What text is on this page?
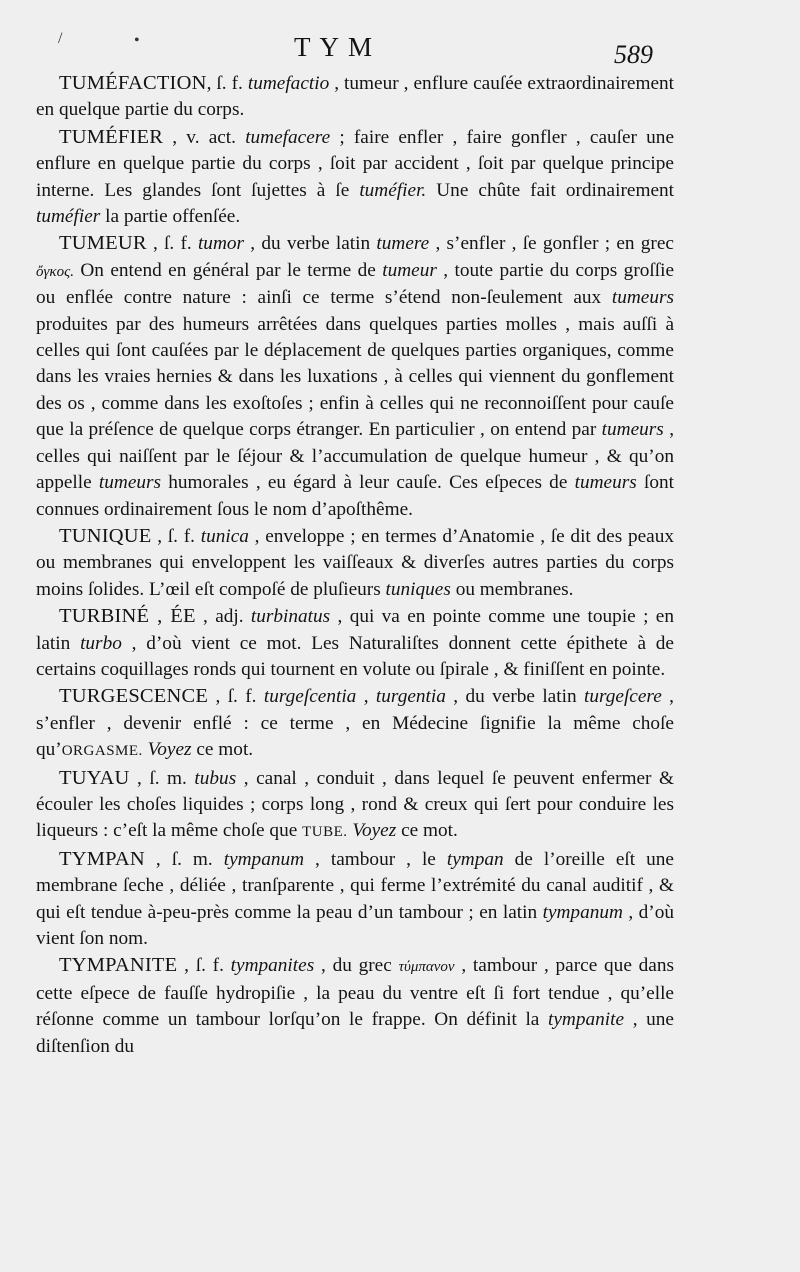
/	•	TYM	589

TUMÉFACTION, ſ. f. tumefactio , tumeur , enflure cauſée extraordinairement en quelque partie du corps.

TUMÉFIER , v. act. tumefacere ; faire enfler , faire gonfler , cauſer une enflure en quelque partie du corps , ſoit par accident , ſoit par quelque principe interne. Les glandes ſont ſujettes à ſe tuméfier. Une chûte fait ordinairement tuméfier la partie offenſée.

TUMEUR , ſ. f. tumor , du verbe latin tumere , s’enfler , ſe gonfler ; en grec ὄγκος. On entend en général par le terme de tumeur , toute partie du corps groſſie ou enflée contre nature : ainſi ce terme s’étend non-ſeulement aux tumeurs produites par des humeurs arrêtées dans quelques parties molles , mais auſſi à celles qui ſont cauſées par le déplacement de quelques parties organiques, comme dans les vraies hernies & dans les luxations , à celles qui viennent du gonflement des os , comme dans les exoſtoſes ; enfin à celles qui ne reconnoiſſent pour cauſe que la préſence de quelque corps étranger. En particulier , on entend par tumeurs , celles qui naiſſent par le ſéjour & l’accumulation de quelque humeur , & qu’on appelle tumeurs humorales , eu égard à leur cauſe. Ces eſpeces de tumeurs ſont connues ordinairement ſous le nom d’apoſthême.

TUNIQUE , ſ. f. tunica , enveloppe ; en termes d’Anatomie , ſe dit des peaux ou membranes qui enveloppent les vaiſſeaux & diverſes autres parties du corps moins ſolides. L’œil eſt compoſé de pluſieurs tuniques ou membranes.

TURBINÉ , ÉE , adj. turbinatus , qui va en pointe comme une toupie ; en latin turbo , d’où vient ce mot. Les Naturaliſtes donnent cette épithete à de certains coquillages ronds qui tournent en volute ou ſpirale , & finiſſent en pointe.

TURGESCENCE , ſ. f. turgeſcentia , turgentia , du verbe latin turgeſcere , s’enfler , devenir enflé : ce terme , en Médecine ſignifie la même choſe qu’ORGASME. Voyez ce mot.

TUYAU , ſ. m. tubus , canal , conduit , dans lequel ſe peuvent enfermer & écouler les choſes liquides ; corps long , rond & creux qui ſert pour conduire les liqueurs : c’eſt la même choſe que TUBE. Voyez ce mot.

TYMPAN , ſ. m. tympanum , tambour , le tympan de l’oreille eſt une membrane ſeche , déliée , tranſparente , qui ferme l’extrémité du canal auditif , & qui eſt tendue à-peu-près comme la peau d’un tambour ; en latin tympanum , d’où vient ſon nom.

TYMPANITE , ſ. f. tympanites , du grec τύμπανον , tambour , parce que dans cette eſpece de fauſſe hydropiſie , la peau du ventre eſt ſi fort tendue , qu’elle réſonne comme un tambour lorſqu’on le frappe. On définit la tympanite , une diſtenſion du
